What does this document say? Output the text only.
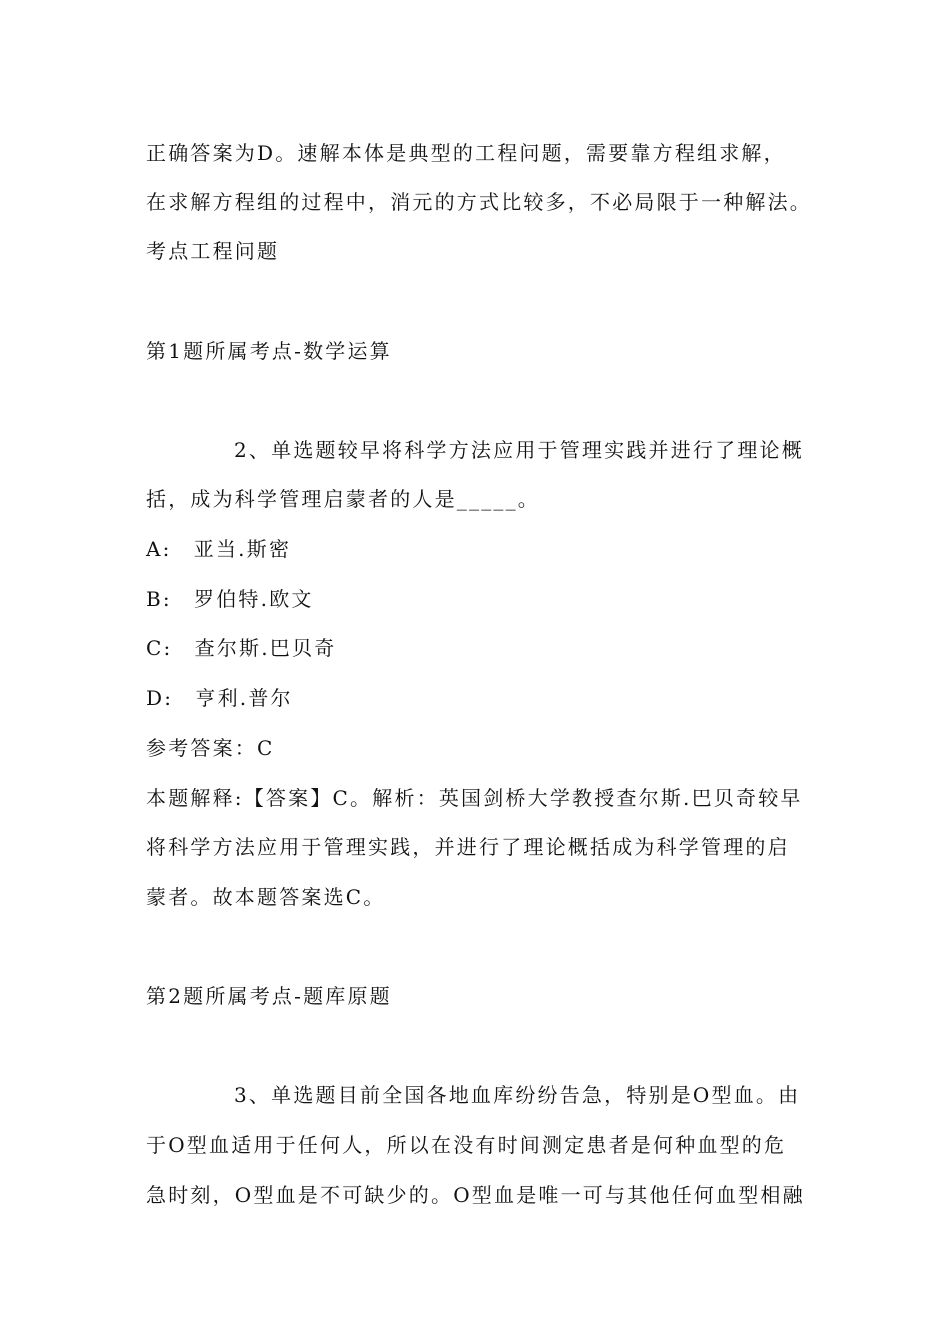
正确答案为D。速解本体是典型的工程问题，需要靠方程组求解，
在求解方程组的过程中，消元的方式比较多，不必局限于一种解法。
考点工程问题
第1题所属考点-数学运算
2、单选题较早将科学方法应用于管理实践并进行了理论概
括，成为科学管理启蒙者的人是_____。
A:　亚当.斯密
B:　罗伯特.欧文
C:　查尔斯.巴贝奇
D:　亨利.普尔
参考答案：C
本题解释:【答案】C。解析：英国剑桥大学教授查尔斯.巴贝奇较早
将科学方法应用于管理实践，并进行了理论概括成为科学管理的启
蒙者。故本题答案选C。
第2题所属考点-题库原题
3、单选题目前全国各地血库纷纷告急，特别是O型血。由
于O型血适用于任何人，所以在没有时间测定患者是何种血型的危
急时刻，O型血是不可缺少的。O型血是唯一可与其他任何血型相融
